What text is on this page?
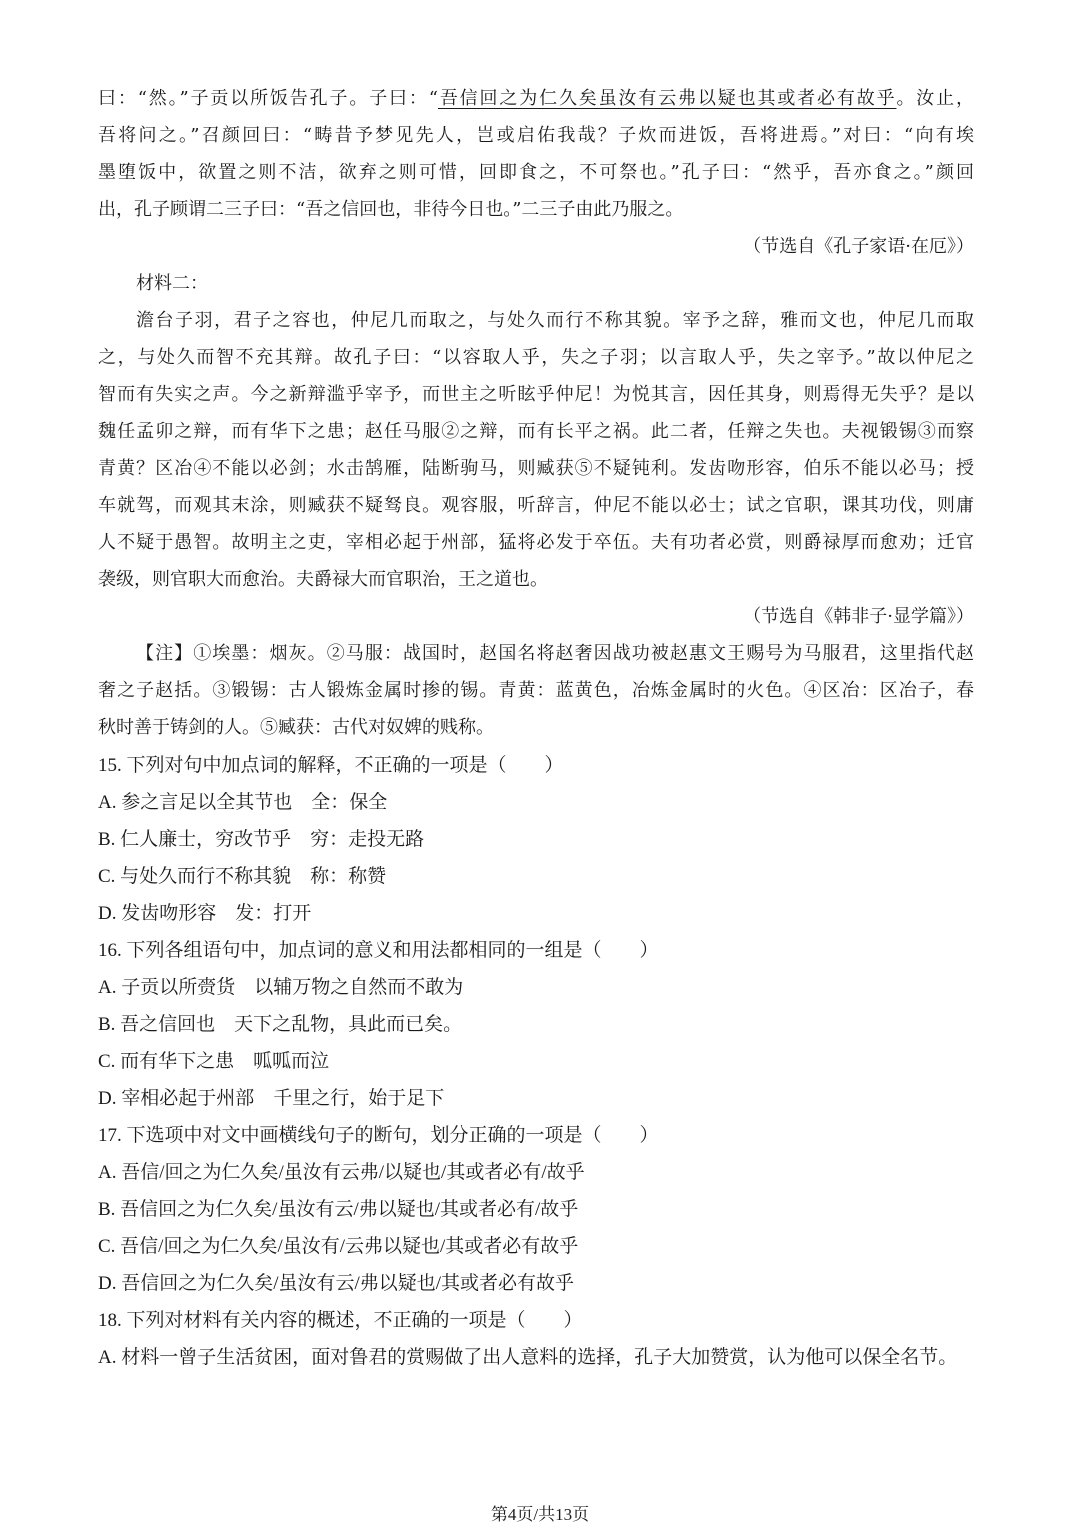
曰：“然。”子贡以所饭告孔子。子曰：“吾信回之为仁久矣虽汝有云弗以疑也其或者必有故乎。汝止，
吾将问之。”召颜回曰：“畴昔予梦见先人，岂或启佑我哉？子炊而进饭，吾将进焉。”对曰：“向有埃
墨堕饭中，欲置之则不洁，欲弃之则可惜，回即食之，不可祭也。”孔子曰：“然乎，吾亦食之。”颜回
出，孔子顾谓二三子曰：“吾之信回也，非待今日也。”二三子由此乃服之。
（节选自《孔子家语·在厄》）
材料二：
澹台子羽，君子之容也，仲尼几而取之，与处久而行不称其貌。宰予之辞，雅而文也，仲尼几而取
之，与处久而智不充其辩。故孔子曰：“以容取人乎，失之子羽；以言取人乎，失之宰予。”故以仲尼之
智而有失实之声。今之新辩滥乎宰予，而世主之听眩乎仲尼！为悦其言，因任其身，则焉得无失乎？是以
魏任孟卯之辩，而有华下之患；赵任马服②之辩，而有长平之祸。此二者，任辩之失也。夫视锻锡③而察
青黄？区冶④不能以必剑；水击鹄雁，陆断驹马，则臧获⑤不疑钝利。发齿吻形容，伯乐不能以必马；授
车就驾，而观其末涂，则臧获不疑驽良。观容服，听辞言，仲尼不能以必士；试之官职，课其功伐，则庸
人不疑于愚智。故明主之吏，宰相必起于州部，猛将必发于卒伍。夫有功者必赏，则爵禄厚而愈劝；迁官
袭级，则官职大而愈治。夫爵禄大而官职治，王之道也。
（节选自《韩非子·显学篇》）
【注】①埃墨：烟灰。②马服：战国时，赵国名将赵奢因战功被赵惠文王赐号为马服君，这里指代赵
奢之子赵括。③锻锡：古人锻炼金属时掺的锡。青黄：蓝黄色，冶炼金属时的火色。④区冶：区冶子，春
秋时善于铸剑的人。⑤臧获：古代对奴婢的贱称。
15. 下列对句中加点词的解释，不正确的一项是（　　）
A. 参之言足以全其节也　全：保全
B. 仁人廉士，穷改节乎　穷：走投无路
C. 与处久而行不称其貌　称：称赞
D. 发齿吻形容　发：打开
16. 下列各组语句中，加点词的意义和用法都相同的一组是（　　）
A. 子贡以所赍货　以辅万物之自然而不敢为
B. 吾之信回也　天下之乱物，具此而已矣。
C. 而有华下之患　呱呱而泣
D. 宰相必起于州部　千里之行，始于足下
17. 下选项中对文中画横线句子的断句，划分正确的一项是（　　）
A. 吾信/回之为仁久矣/虽汝有云弗/以疑也/其或者必有/故乎
B. 吾信回之为仁久矣/虽汝有云/弗以疑也/其或者必有/故乎
C. 吾信/回之为仁久矣/虽汝有/云弗以疑也/其或者必有故乎
D. 吾信回之为仁久矣/虽汝有云/弗以疑也/其或者必有故乎
18. 下列对材料有关内容的概述，不正确的一项是（　　）
A. 材料一曾子生活贫困，面对鲁君的赏赐做了出人意料的选择，孔子大加赞赏，认为他可以保全名节。
第4页/共13页
